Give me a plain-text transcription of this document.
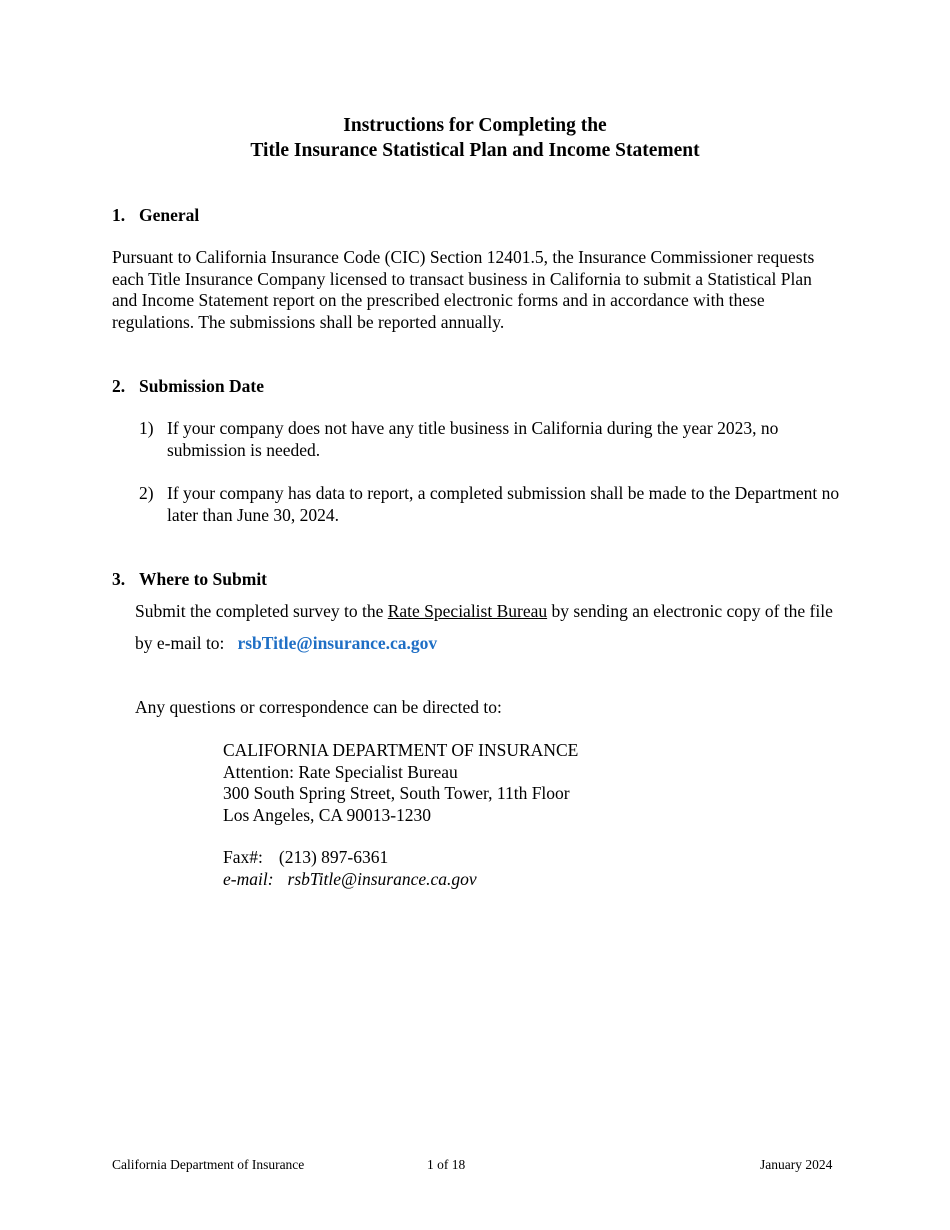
Instructions for Completing the
Title Insurance Statistical Plan and Income Statement
1. General
Pursuant to California Insurance Code (CIC) Section 12401.5, the Insurance Commissioner requests
each Title Insurance Company licensed to transact business in California to submit a Statistical Plan
and Income Statement report on the prescribed electronic forms and in accordance with these
regulations. The submissions shall be reported annually.
2. Submission Date
1) If your company does not have any title business in California during the year 2023, no
submission is needed.
2) If your company has data to report, a completed submission shall be made to the Department no
later than June 30, 2024.
3. Where to Submit
Submit the completed survey to the Rate Specialist Bureau by sending an electronic copy of the file
by e-mail to: rsbTitle@insurance.ca.gov
Any questions or correspondence can be directed to:
CALIFORNIA DEPARTMENT OF INSURANCE
Attention: Rate Specialist Bureau
300 South Spring Street, South Tower, 11th Floor
Los Angeles, CA 90013-1230
Fax#: (213) 897-6361
e-mail: rsbTitle@insurance.ca.gov
California Department of Insurance	1 of 18	January 2024
